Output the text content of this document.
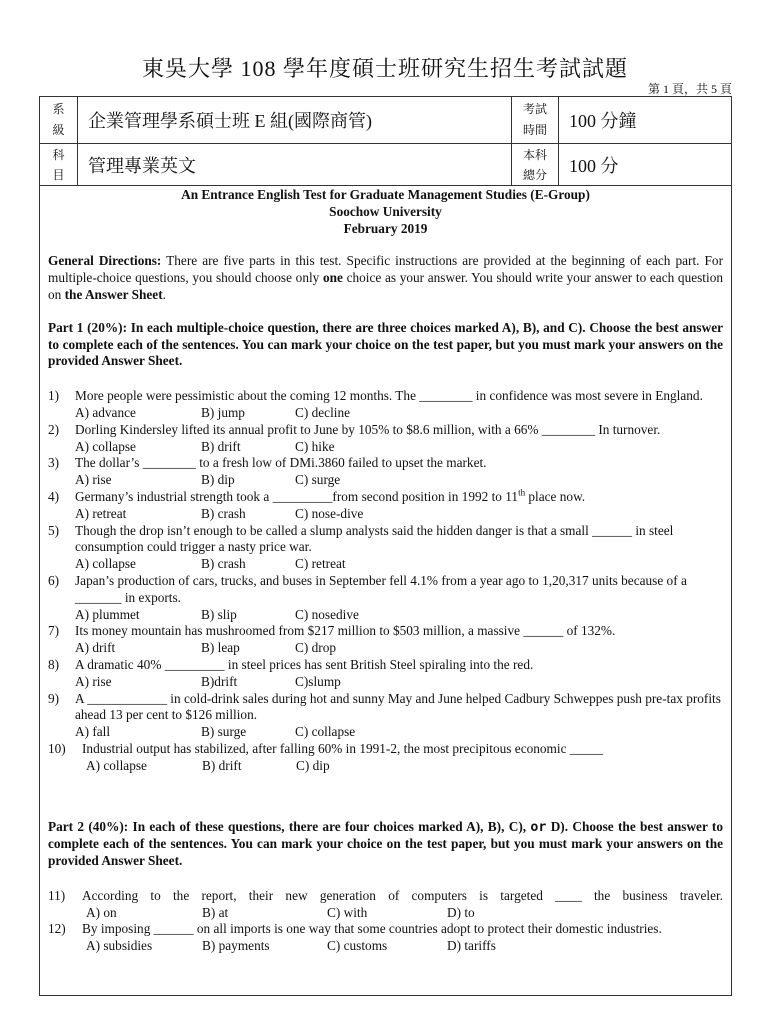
東吳大學 108 學年度碩士班研究生招生考試試題
第 1 頁，共 5 頁
系級	企業管理學系碩士班 E 組(國際商管)
考試時間	100 分鐘
科目	管理專業英文
本科總分	100 分
An Entrance English Test for Graduate Management Studies (E-Group)
Soochow University
February 2019

General Directions: There are five parts in this test. Specific instructions are provided at the beginning of each part. For multiple-choice questions, you should choose only one choice as your answer. You should write your answer to each question on the Answer Sheet.

Part 1 (20%): In each multiple-choice question, there are three choices marked A), B), and C). Choose the best answer to complete each of the sentences. You can mark your choice on the test paper, but you must mark your answers on the provided Answer Sheet.

1)	More people were pessimistic about the coming 12 months. The ________ in confidence was most severe in England.
A) advance	B) jump	C) decline
2)	Dorling Kindersley lifted its annual profit to June by 105% to $8.6 million, with a 66% ________ In turnover.
A) collapse	B) drift	C) hike
3)	The dollar’s ________ to a fresh low of DMi.3860 failed to upset the market.
A) rise	B) dip	C) surge
4)	Germany’s industrial strength took a _________from second position in 1992 to 11th place now.
A) retreat	B) crash	C) nose-dive
5)	Though the drop isn’t enough to be called a slump analysts said the hidden danger is that a small ______ in steel consumption could trigger a nasty price war.
A) collapse	B) crash	C) retreat
6)	Japan’s production of cars, trucks, and buses in September fell 4.1% from a year ago to 1,20,317 units because of a _______ in exports.
A) plummet	B) slip	C) nosedive
7)	Its money mountain has mushroomed from $217 million to $503 million, a massive ______ of 132%.
A) drift	B) leap	C) drop
8)	A dramatic 40% _________ in steel prices has sent British Steel spiraling into the red.
A) rise	B)drift	C)slump
9)	A ____________ in cold-drink sales during hot and sunny May and June helped Cadbury Schweppes push pre-tax profits ahead 13 per cent to $126 million.
A) fall	B) surge	C) collapse
10)	Industrial output has stabilized, after falling 60% in 1991-2, the most precipitous economic _____
A) collapse	B) drift	C) dip

Part 2 (40%): In each of these questions, there are four choices marked A), B), C), or D). Choose the best answer to complete each of the sentences. You can mark your choice on the test paper, but you must mark your answers on the provided Answer Sheet.

11)	According to the report, their new generation of computers is targeted ____ the business traveler.
A) on	B) at	C) with	D) to
12)	By imposing ______ on all imports is one way that some countries adopt to protect their domestic industries.
A) subsidies	B) payments	C) customs	D) tariffs
